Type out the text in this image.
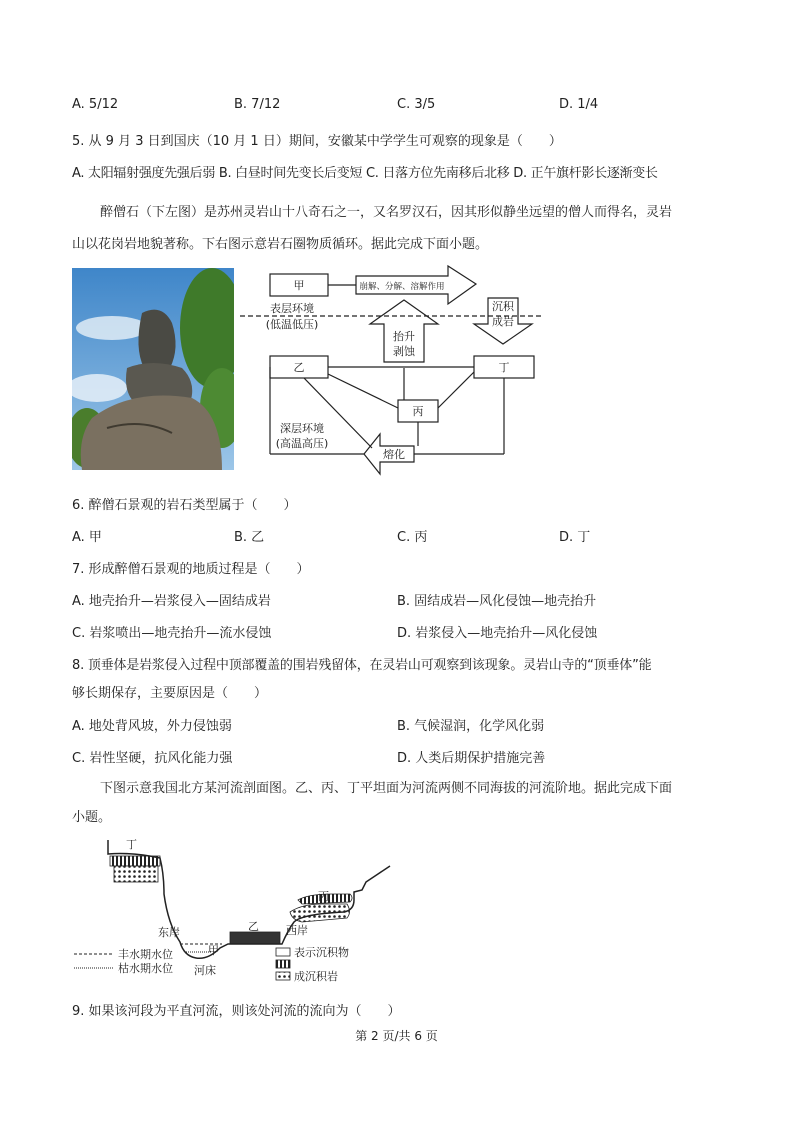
A. 5/12	B. 7/12	C. 3/5	D. 1/4
5. 从 9 月 3 日到国庆（10 月 1 日）期间，安徽某中学学生可观察的现象是（　　）
A. 太阳辐射强度先强后弱 B. 白昼时间先变长后变短 C. 日落方位先南移后北移 D. 正午旗杆影长逐渐变长
醉僧石（下左图）是苏州灵岩山十八奇石之一，又名罗汉石，因其形似静坐远望的僧人而得名，灵岩
山以花岗岩地貌著称。下右图示意岩石圈物质循环。据此完成下面小题。
甲
乙
丙
丁
崩解、分解、溶解作用
表层环境
(低温低压)
抬升
剥蚀
沉积
成岩
深层环境
(高温高压)
熔化
6. 醉僧石景观的岩石类型属于（　　）
A. 甲	B. 乙	C. 丙	D. 丁
7. 形成醉僧石景观的地质过程是（　　）
A. 地壳抬升—岩浆侵入—固结成岩	B. 固结成岩—风化侵蚀—地壳抬升
C. 岩浆喷出—地壳抬升—流水侵蚀	D. 岩浆侵入—地壳抬升—风化侵蚀
8. 顶垂体是岩浆侵入过程中顶部覆盖的围岩残留体，在灵岩山可观察到该现象。灵岩山寺的“顶垂体”能
够长期保存，主要原因是（　　）
A. 地处背风坡，外力侵蚀弱	B. 气候湿润，化学风化弱
C. 岩性坚硬，抗风化能力强	D. 人类后期保护措施完善
下图示意我国北方某河流剖面图。乙、丙、丁平坦面为河流两侧不同海拔的河流阶地。据此完成下面
小题。
丁
丙
乙
甲
东岸	西岸
河床
丰水期水位
枯水期水位
表示沉积物
成沉积岩
9. 如果该河段为平直河流，则该处河流的流向为（　　）
第 2 页/共 6 页
